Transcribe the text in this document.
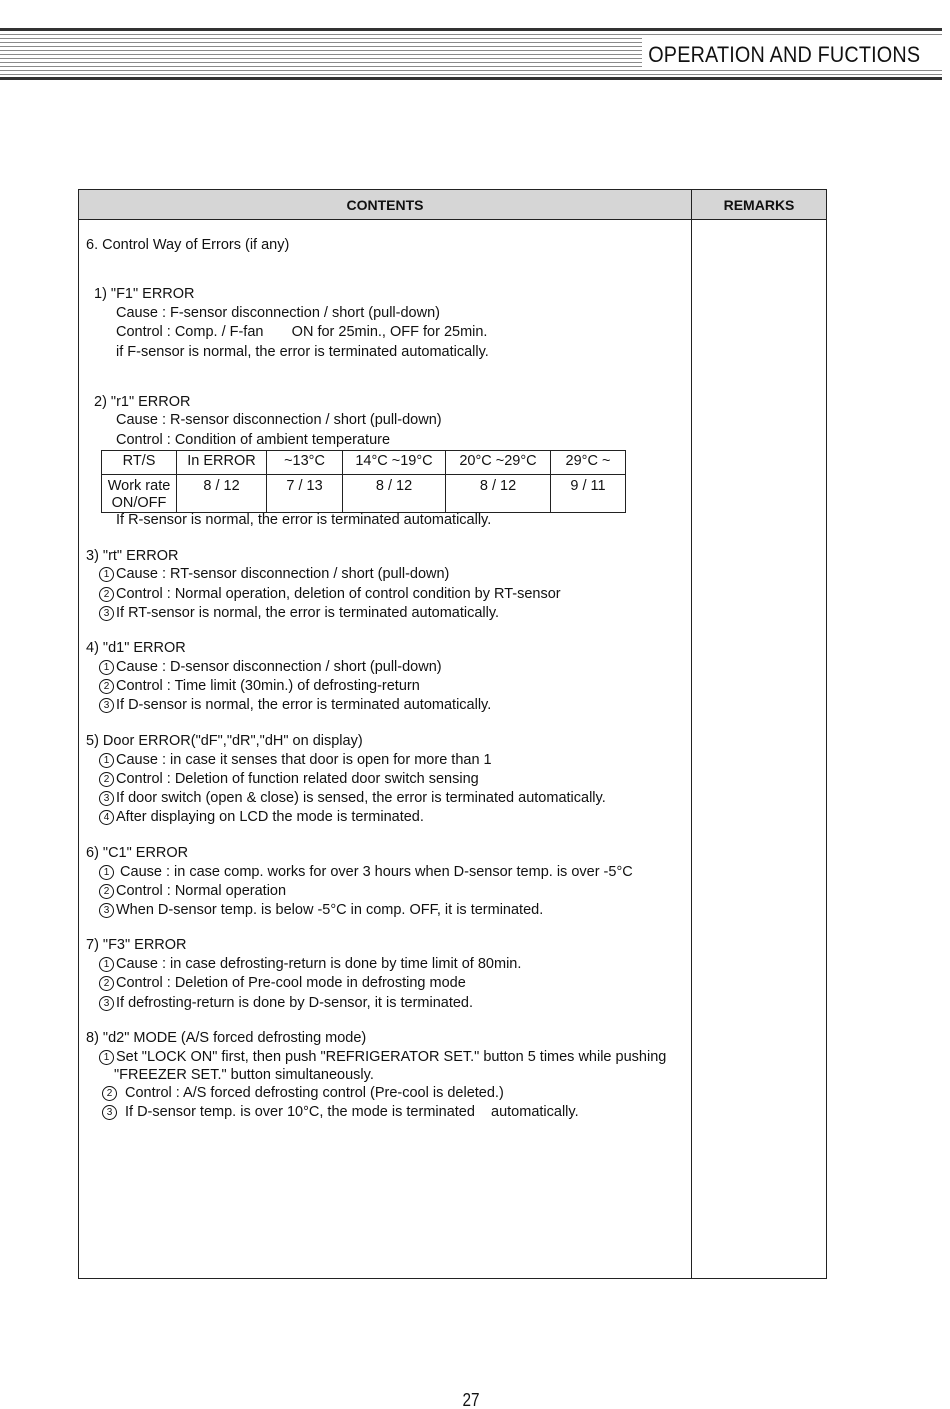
OPERATION AND FUCTIONS
CONTENTS	REMARKS
6. Control Way of Errors (if any)
1) "F1" ERROR
Cause : F-sensor disconnection / short (pull-down)
Control : Comp. / F-fan       ON for 25min., OFF for 25min.
if F-sensor is normal, the error is terminated automatically.
2) "r1" ERROR
Cause : R-sensor disconnection / short (pull-down)
Control : Condition of ambient temperature
RT/S	In ERROR	~13°C	14°C ~19°C	20°C ~29°C	29°C ~

Work rate
ON/OFF	8 / 12	7 / 13	8 / 12	8 / 12	9 / 11
If R-sensor is normal, the error is terminated automatically.
3) "rt" ERROR
1 Cause : RT-sensor disconnection / short (pull-down)
2 Control : Normal operation, deletion of control condition by RT-sensor
3 If RT-sensor is normal, the error is terminated automatically.
4) "d1" ERROR
1 Cause : D-sensor disconnection / short (pull-down)
2 Control : Time limit (30min.) of defrosting-return
3 If D-sensor is normal, the error is terminated automatically.
5) Door ERROR("dF","dR","dH" on display)
1 Cause : in case it senses that door is open for more than 1
2 Control : Deletion of function related door switch sensing
3 If door switch (open & close) is sensed, the error is terminated automatically.
4 After displaying on LCD the mode is terminated.
6) "C1" ERROR
1 Cause : in case comp. works for over 3 hours when D-sensor temp. is over -5°C
2 Control : Normal operation
3 When D-sensor temp. is below -5°C in comp. OFF, it is terminated.
7) "F3" ERROR
1 Cause : in case defrosting-return is done by time limit of 80min.
2 Control : Deletion of Pre-cool mode in defrosting mode
3 If defrosting-return is done by D-sensor, it is terminated.
8) "d2" MODE (A/S forced defrosting mode)
1 Set "LOCK ON" first, then push "REFRIGERATOR SET." button 5 times while pushing
"FREEZER SET." button simultaneously.
2 Control : A/S forced defrosting control (Pre-cool is deleted.)
3 If D-sensor temp. is over 10°C, the mode is terminated    automatically.
27
